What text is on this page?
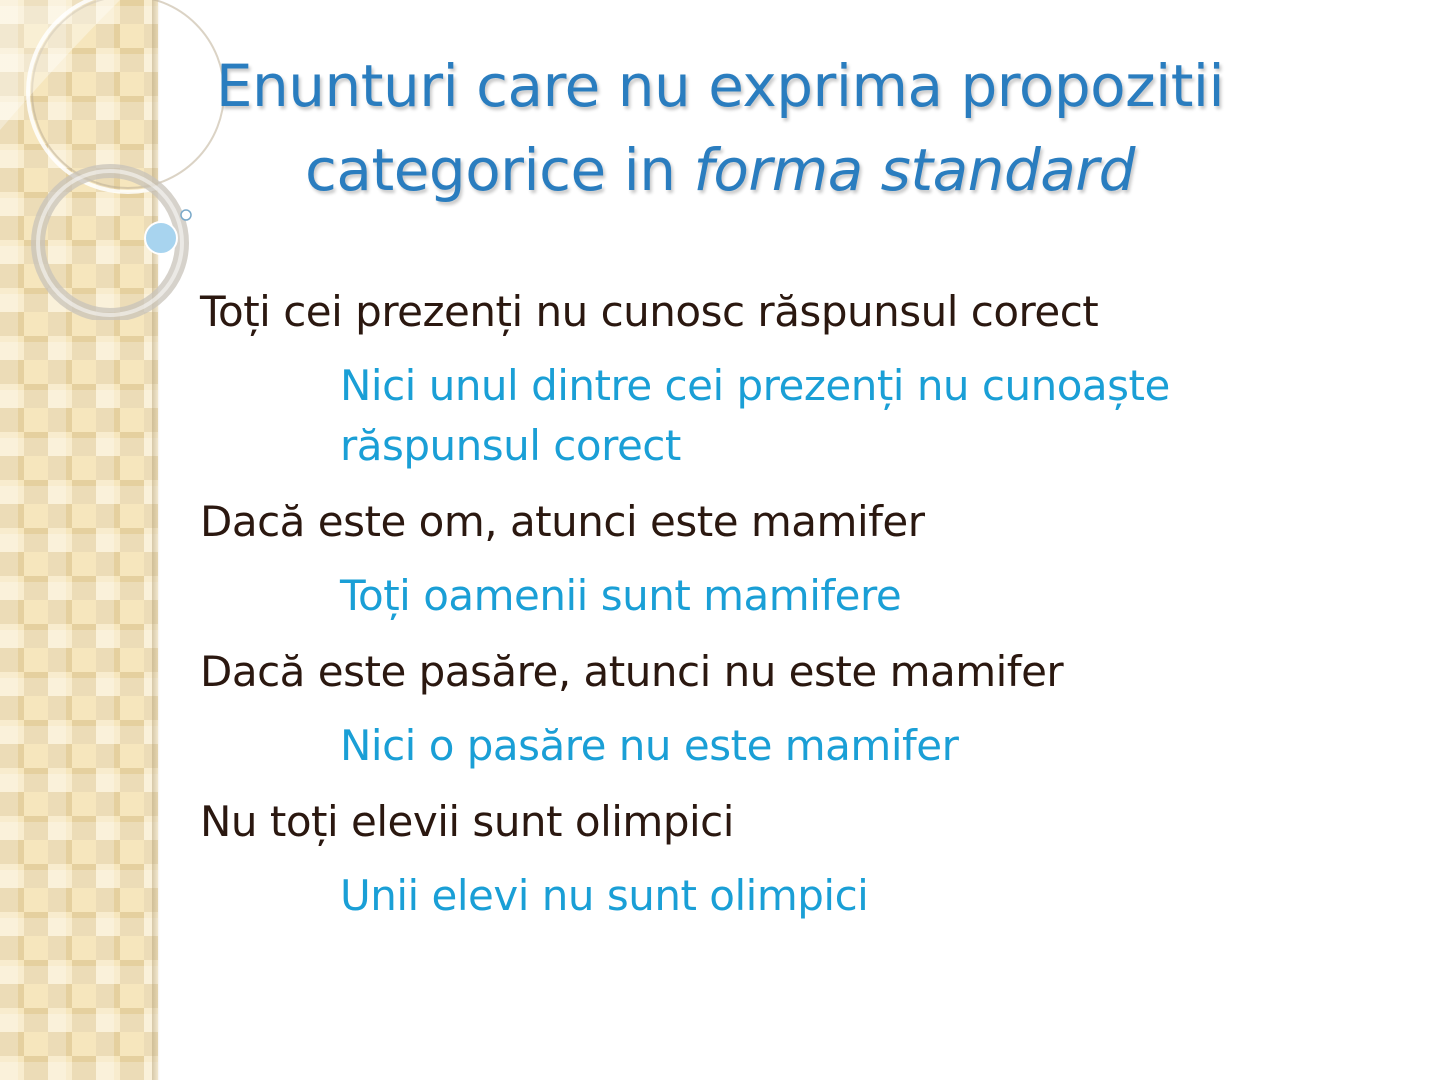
Enunturi care nu exprima propozitii
categorice in forma standard

Toți cei prezenți nu cunosc răspunsul corect

Nici unul dintre cei prezenți nu cunoaște

răspunsul corect

Dacă este om, atunci este mamifer

Toți oamenii sunt mamifere

Dacă este pasăre, atunci nu este mamifer

Nici o pasăre nu este mamifer

Nu toți elevii sunt olimpici

Unii elevi nu sunt olimpici
